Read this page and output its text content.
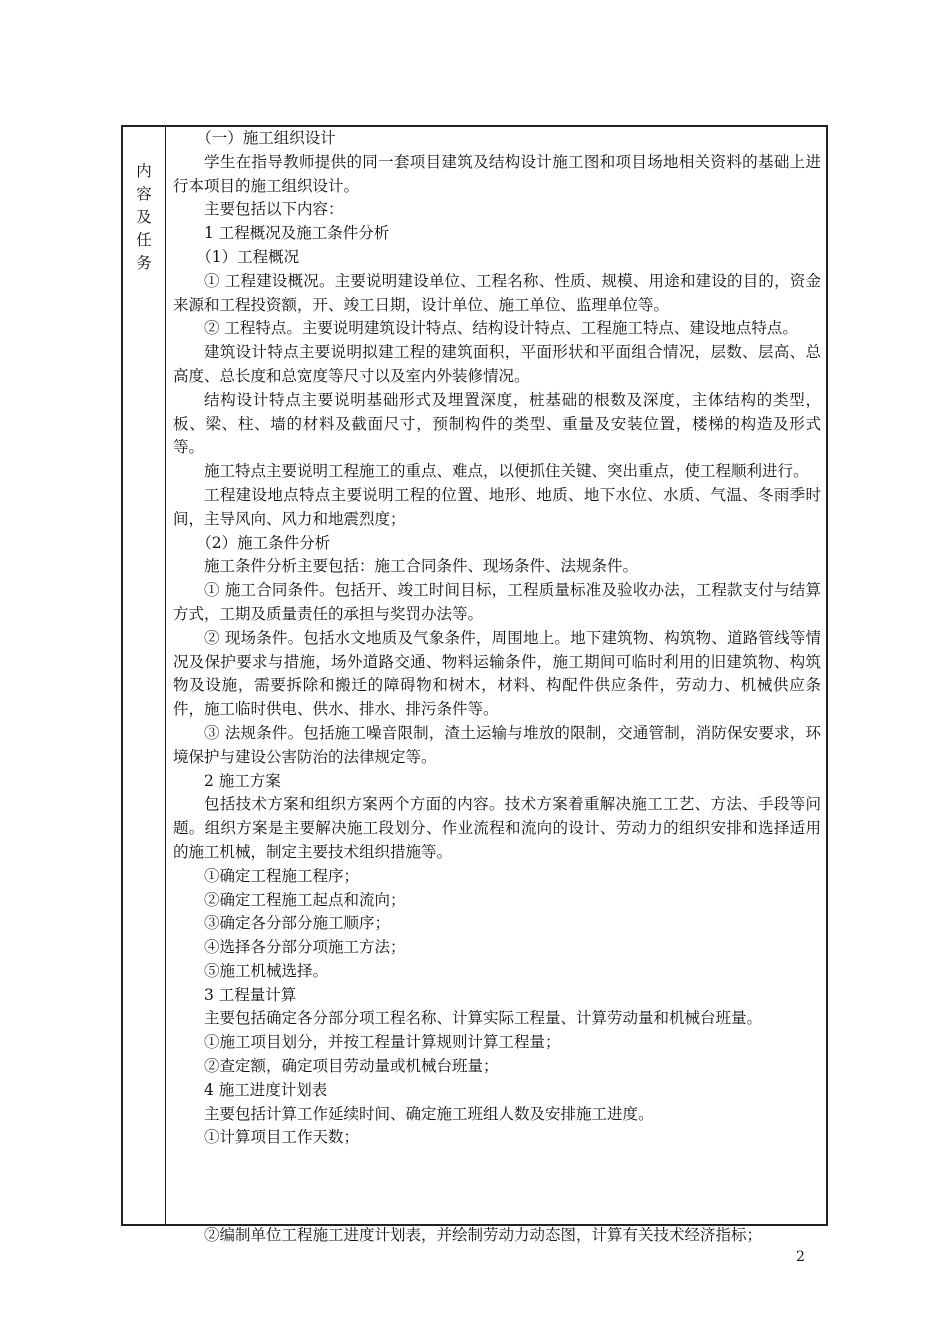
内
容
及
任
务

（一）施工组织设计

学生在指导教师提供的同一套项目建筑及结构设计施工图和项目场地相关资料的基础上进行本项目的施工组织设计。

主要包括以下内容：

1 工程概况及施工条件分析

（1）工程概况

① 工程建设概况。主要说明建设单位、工程名称、性质、规模、用途和建设的目的，资金来源和工程投资额，开、竣工日期，设计单位、施工单位、监理单位等。

② 工程特点。主要说明建筑设计特点、结构设计特点、工程施工特点、建设地点特点。

建筑设计特点主要说明拟建工程的建筑面积，平面形状和平面组合情况，层数、层高、总高度、总长度和总宽度等尺寸以及室内外装修情况。

结构设计特点主要说明基础形式及埋置深度，桩基础的根数及深度，主体结构的类型，板、梁、柱、墙的材料及截面尺寸，预制构件的类型、重量及安装位置，楼梯的构造及形式等。

施工特点主要说明工程施工的重点、难点，以便抓住关键、突出重点，使工程顺利进行。

工程建设地点特点主要说明工程的位置、地形、地质、地下水位、水质、气温、冬雨季时间，主导风向、风力和地震烈度；

（2）施工条件分析

施工条件分析主要包括：施工合同条件、现场条件、法规条件。

① 施工合同条件。包括开、竣工时间目标，工程质量标准及验收办法，工程款支付与结算方式，工期及质量责任的承担与奖罚办法等。

② 现场条件。包括水文地质及气象条件，周围地上。地下建筑物、构筑物、道路管线等情况及保护要求与措施，场外道路交通、物料运输条件，施工期间可临时利用的旧建筑物、构筑物及设施，需要拆除和搬迁的障碍物和树木，材料、构配件供应条件，劳动力、机械供应条件，施工临时供电、供水、排水、排污条件等。

③ 法规条件。包括施工噪音限制，渣土运输与堆放的限制，交通管制，消防保安要求，环境保护与建设公害防治的法律规定等。

2 施工方案

包括技术方案和组织方案两个方面的内容。技术方案着重解决施工工艺、方法、手段等问题。组织方案是主要解决施工段划分、作业流程和流向的设计、劳动力的组织安排和选择适用的施工机械，制定主要技术组织措施等。

①确定工程施工程序；

②确定工程施工起点和流向；

③确定各分部分施工顺序；

④选择各分部分项施工方法；

⑤施工机械选择。

3 工程量计算

主要包括确定各分部分项工程名称、计算实际工程量、计算劳动量和机械台班量。

①施工项目划分，并按工程量计算规则计算工程量；

②查定额，确定项目劳动量或机械台班量；

4 施工进度计划表

主要包括计算工作延续时间、确定施工班组人数及安排施工进度。

①计算项目工作天数；

②编制单位工程施工进度计划表，并绘制劳动力动态图，计算有关技术经济指标；
2
